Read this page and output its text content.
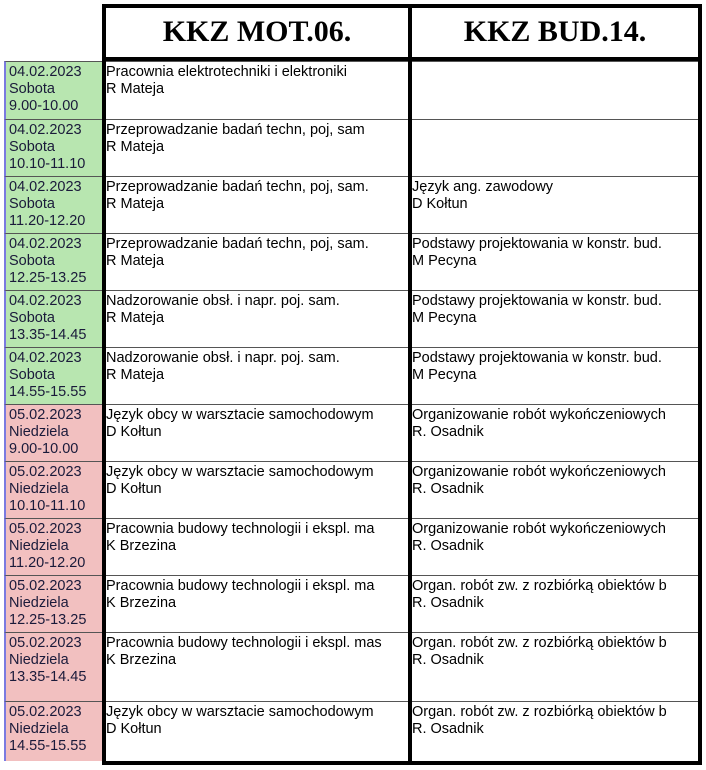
KKZ MOT.06.	KKZ BUD.14.
04.02.2023
Sobota
9.00-10.00
Pracownia elektrotechniki i elektroniki
R Mateja
04.02.2023
Sobota
10.10-11.10
Przeprowadzanie badań techn, poj, sam
R Mateja
04.02.2023
Sobota
11.20-12.20
Przeprowadzanie badań techn, poj, sam.
R Mateja
Język ang. zawodowy
D Kołtun
04.02.2023
Sobota
12.25-13.25
Przeprowadzanie badań techn, poj, sam.
R Mateja
Podstawy projektowania w konstr. bud.
M Pecyna
04.02.2023
Sobota
13.35-14.45
Nadzorowanie obsł. i napr. poj. sam.
R Mateja
Podstawy projektowania w konstr. bud.
M Pecyna
04.02.2023
Sobota
14.55-15.55
Nadzorowanie obsł. i napr. poj. sam.
R Mateja
Podstawy projektowania w konstr. bud.
M Pecyna
05.02.2023
Niedziela
9.00-10.00
Język obcy w warsztacie samochodowym
D Kołtun
Organizowanie robót wykończeniowych
R. Osadnik
05.02.2023
Niedziela
10.10-11.10
Język obcy w warsztacie samochodowym
D Kołtun
Organizowanie robót wykończeniowych
R. Osadnik
05.02.2023
Niedziela
11.20-12.20
Pracownia budowy technologii i ekspl. ma
K Brzezina
Organizowanie robót wykończeniowych
R. Osadnik
05.02.2023
Niedziela
12.25-13.25
Pracownia budowy technologii i ekspl. ma
K Brzezina
Organ. robót zw. z rozbiórką obiektów b
R. Osadnik
05.02.2023
Niedziela
13.35-14.45
Pracownia budowy technologii i ekspl. mas
K Brzezina
Organ. robót zw. z rozbiórką obiektów b
R. Osadnik
05.02.2023
Niedziela
14.55-15.55
Język obcy w warsztacie samochodowym
D Kołtun
Organ. robót zw. z rozbiórką obiektów b
R. Osadnik
